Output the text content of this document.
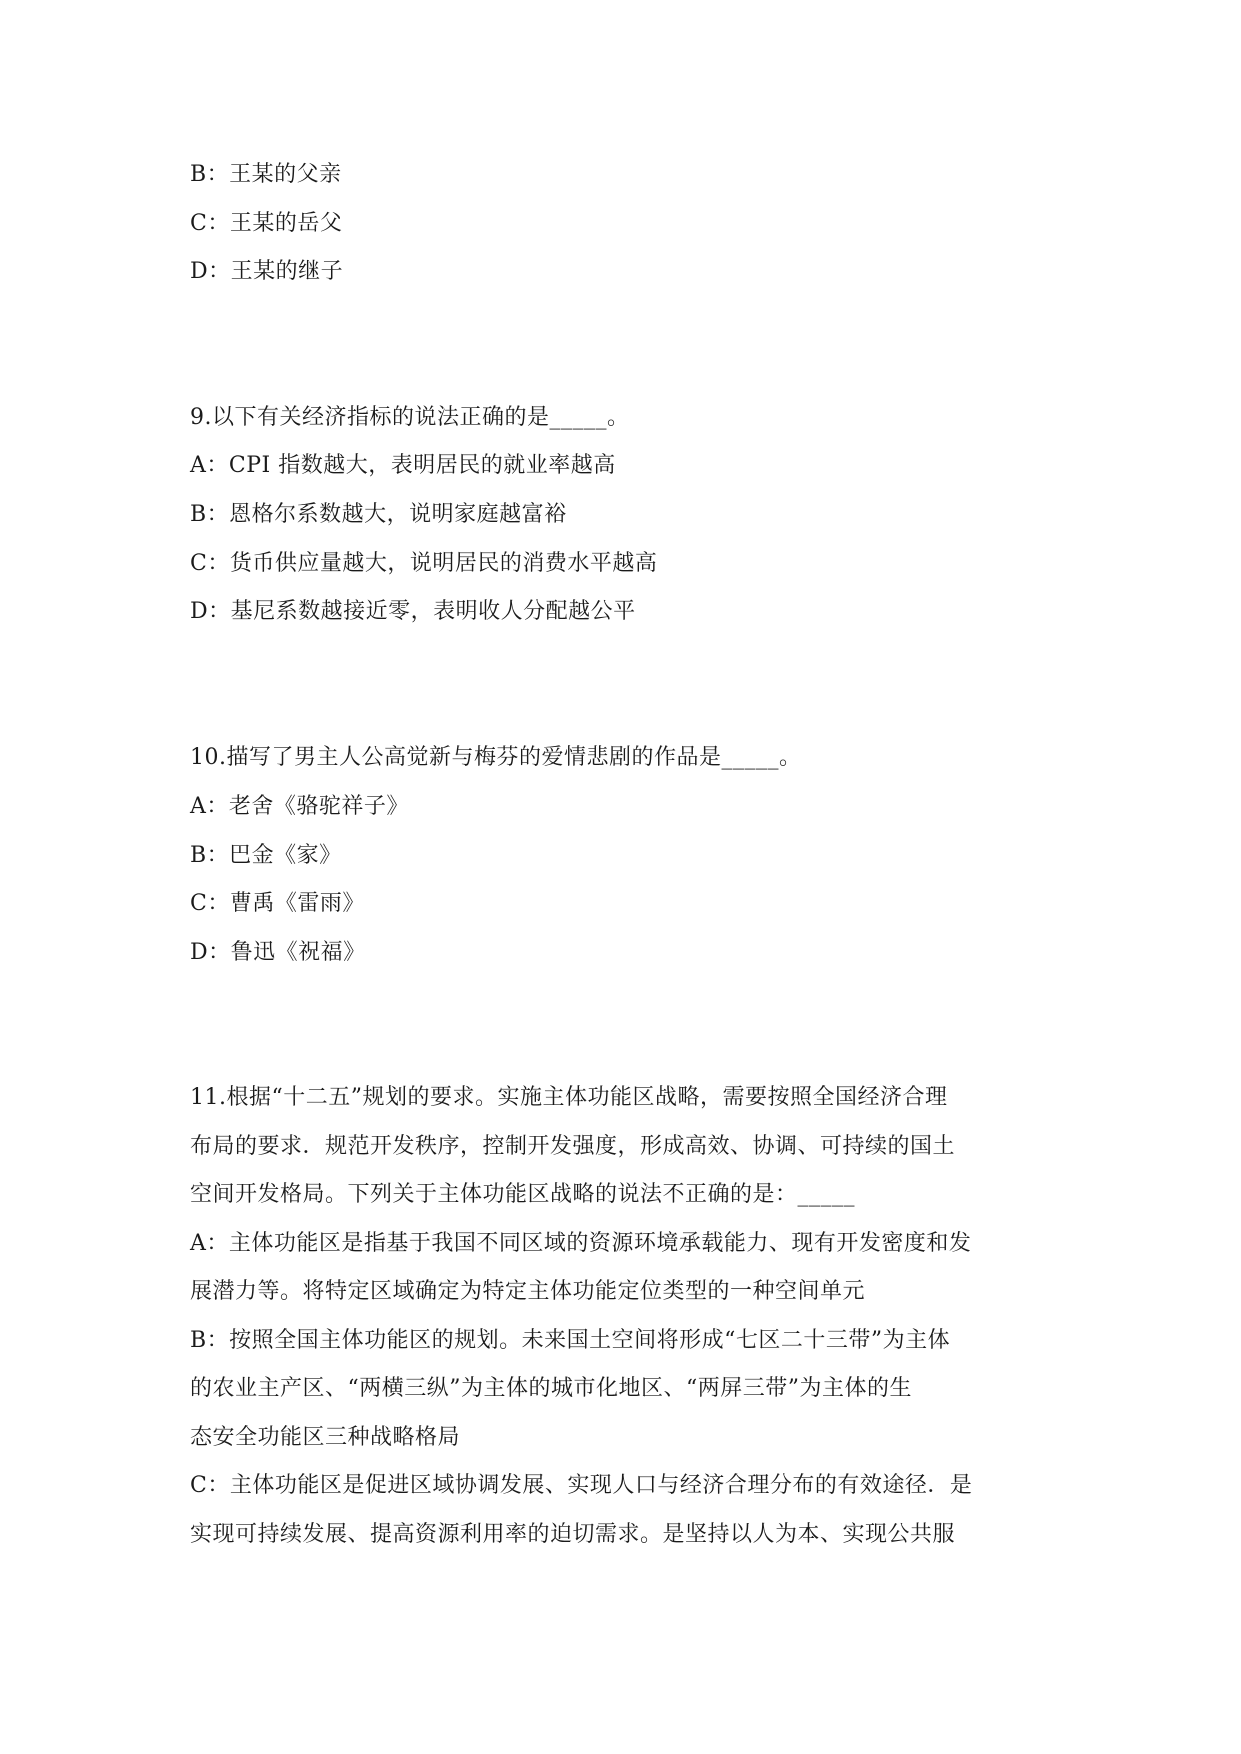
B：王某的父亲

C：王某的岳父

D：王某的继子

9.以下有关经济指标的说法正确的是_____。

A：CPI 指数越大，表明居民的就业率越高

B：恩格尔系数越大，说明家庭越富裕

C：货币供应量越大，说明居民的消费水平越高

D：基尼系数越接近零，表明收人分配越公平

10.描写了男主人公高觉新与梅芬的爱情悲剧的作品是_____。

A：老舍《骆驼祥子》

B：巴金《家》

C：曹禹《雷雨》

D：鲁迅《祝福》

11.根据“十二五”规划的要求。实施主体功能区战略，需要按照全国经济合理

布局的要求．规范开发秩序，控制开发强度，形成高效、协调、可持续的国土

空间开发格局。下列关于主体功能区战略的说法不正确的是：_____

A：主体功能区是指基于我国不同区域的资源环境承载能力、现有开发密度和发

展潜力等。将特定区域确定为特定主体功能定位类型的一种空间单元

B：按照全国主体功能区的规划。未来国土空间将形成“七区二十三带”为主体

的农业主产区、“两横三纵”为主体的城市化地区、“两屏三带”为主体的生

态安全功能区三种战略格局

C：主体功能区是促进区域协调发展、实现人口与经济合理分布的有效途径．是

实现可持续发展、提高资源利用率的迫切需求。是坚持以人为本、实现公共服
